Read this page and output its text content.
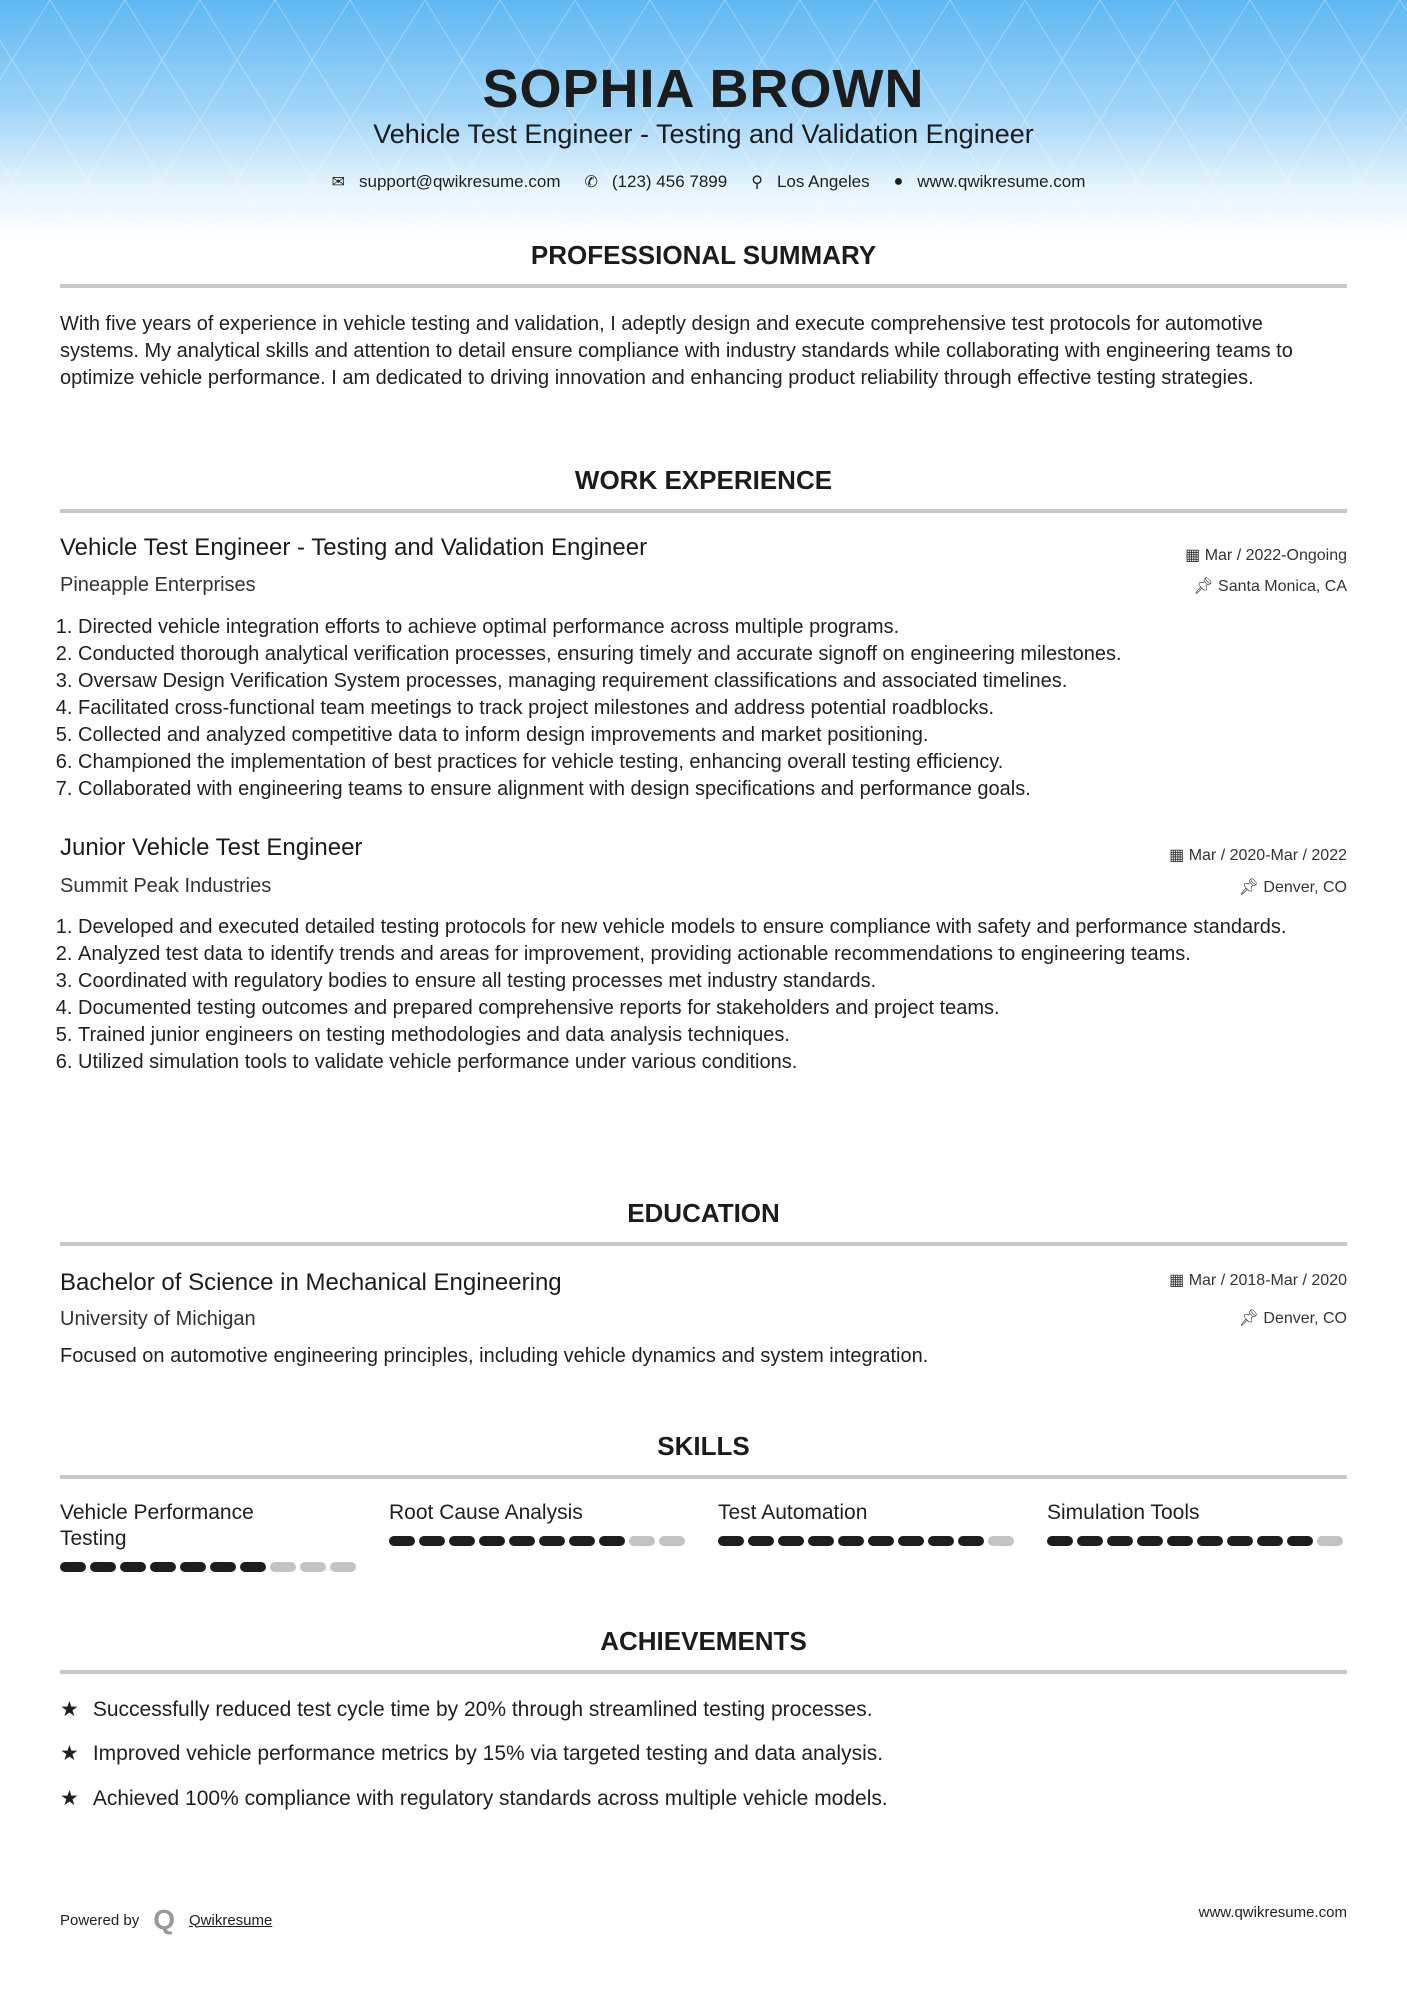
SOPHIA BROWN
Vehicle Test Engineer - Testing and Validation Engineer
✉ support@qwikresume.com ✆ (123) 456 7899 ⚲ Los Angeles ● www.qwikresume.com
PROFESSIONAL SUMMARY
With five years of experience in vehicle testing and validation, I adeptly design and execute comprehensive test protocols for automotive systems. My analytical skills and attention to detail ensure compliance with industry standards while collaborating with engineering teams to optimize vehicle performance. I am dedicated to driving innovation and enhancing product reliability through effective testing strategies.
WORK EXPERIENCE
Vehicle Test Engineer - Testing and Validation Engineer	▦ Mar / 2022-Ongoing
Pineapple Enterprises	📌︎ Santa Monica, CA
1. Directed vehicle integration efforts to achieve optimal performance across multiple programs.
2. Conducted thorough analytical verification processes, ensuring timely and accurate signoff on engineering milestones.
3. Oversaw Design Verification System processes, managing requirement classifications and associated timelines.
4. Facilitated cross-functional team meetings to track project milestones and address potential roadblocks.
5. Collected and analyzed competitive data to inform design improvements and market positioning.
6. Championed the implementation of best practices for vehicle testing, enhancing overall testing efficiency.
7. Collaborated with engineering teams to ensure alignment with design specifications and performance goals.
Junior Vehicle Test Engineer	▦ Mar / 2020-Mar / 2022
Summit Peak Industries	📌︎ Denver, CO
1. Developed and executed detailed testing protocols for new vehicle models to ensure compliance with safety and performance standards.
2. Analyzed test data to identify trends and areas for improvement, providing actionable recommendations to engineering teams.
3. Coordinated with regulatory bodies to ensure all testing processes met industry standards.
4. Documented testing outcomes and prepared comprehensive reports for stakeholders and project teams.
5. Trained junior engineers on testing methodologies and data analysis techniques.
6. Utilized simulation tools to validate vehicle performance under various conditions.
EDUCATION
Bachelor of Science in Mechanical Engineering	▦ Mar / 2018-Mar / 2020
University of Michigan	📌︎ Denver, CO
Focused on automotive engineering principles, including vehicle dynamics and system integration.
SKILLS
Vehicle Performance Testing
Root Cause Analysis	Test Automation	Simulation Tools
ACHIEVEMENTS
★ Successfully reduced test cycle time by 20% through streamlined testing processes.
★ Improved vehicle performance metrics by 15% via targeted testing and data analysis.
★ Achieved 100% compliance with regulatory standards across multiple vehicle models.
Powered by Q Qwikresume	www.qwikresume.com
